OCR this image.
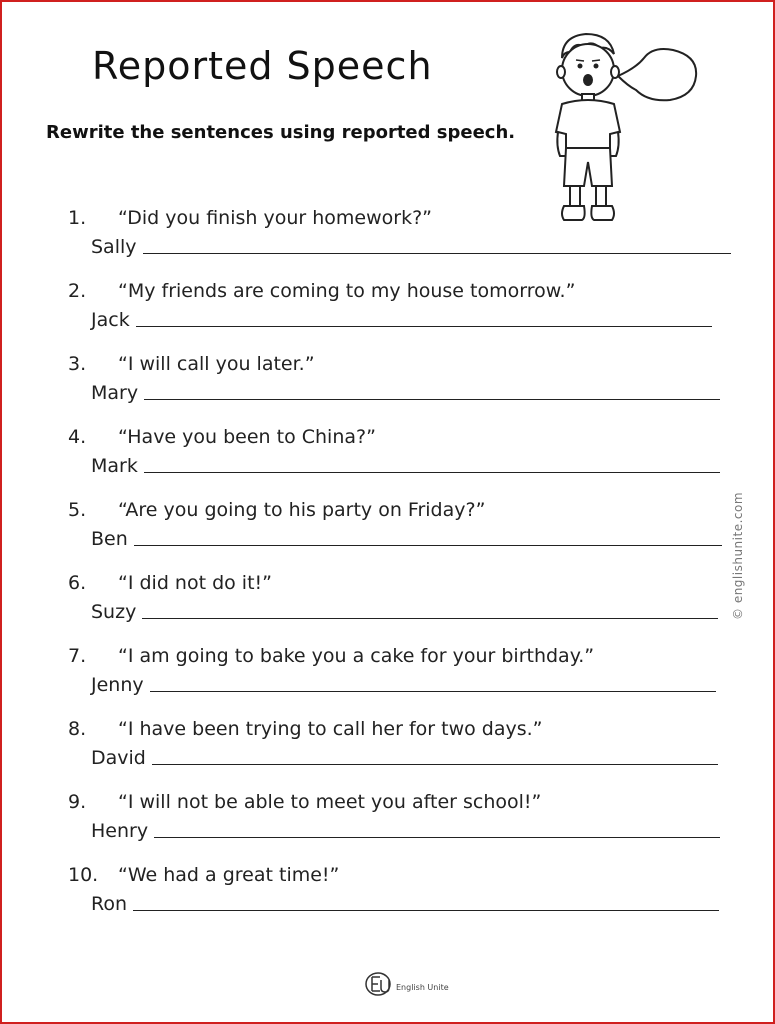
Reported Speech
Rewrite the sentences using reported speech.
1. “Did you finish your homework?”
Sally
2. “My friends are coming to my house tomorrow.”
Jack
3. “I will call you later.”
Mary
4. “Have you been to China?”
Mark
5. “Are you going to his party on Friday?”
Ben
6. “I did not do it!”
Suzy
7. “I am going to bake you a cake for your birthday.”
Jenny
8. “I have been trying to call her for two days.”
David
9. “I will not be able to meet you after school!”
Henry
10. “We had a great time!”
Ron
© englishunite.com
English Unite
